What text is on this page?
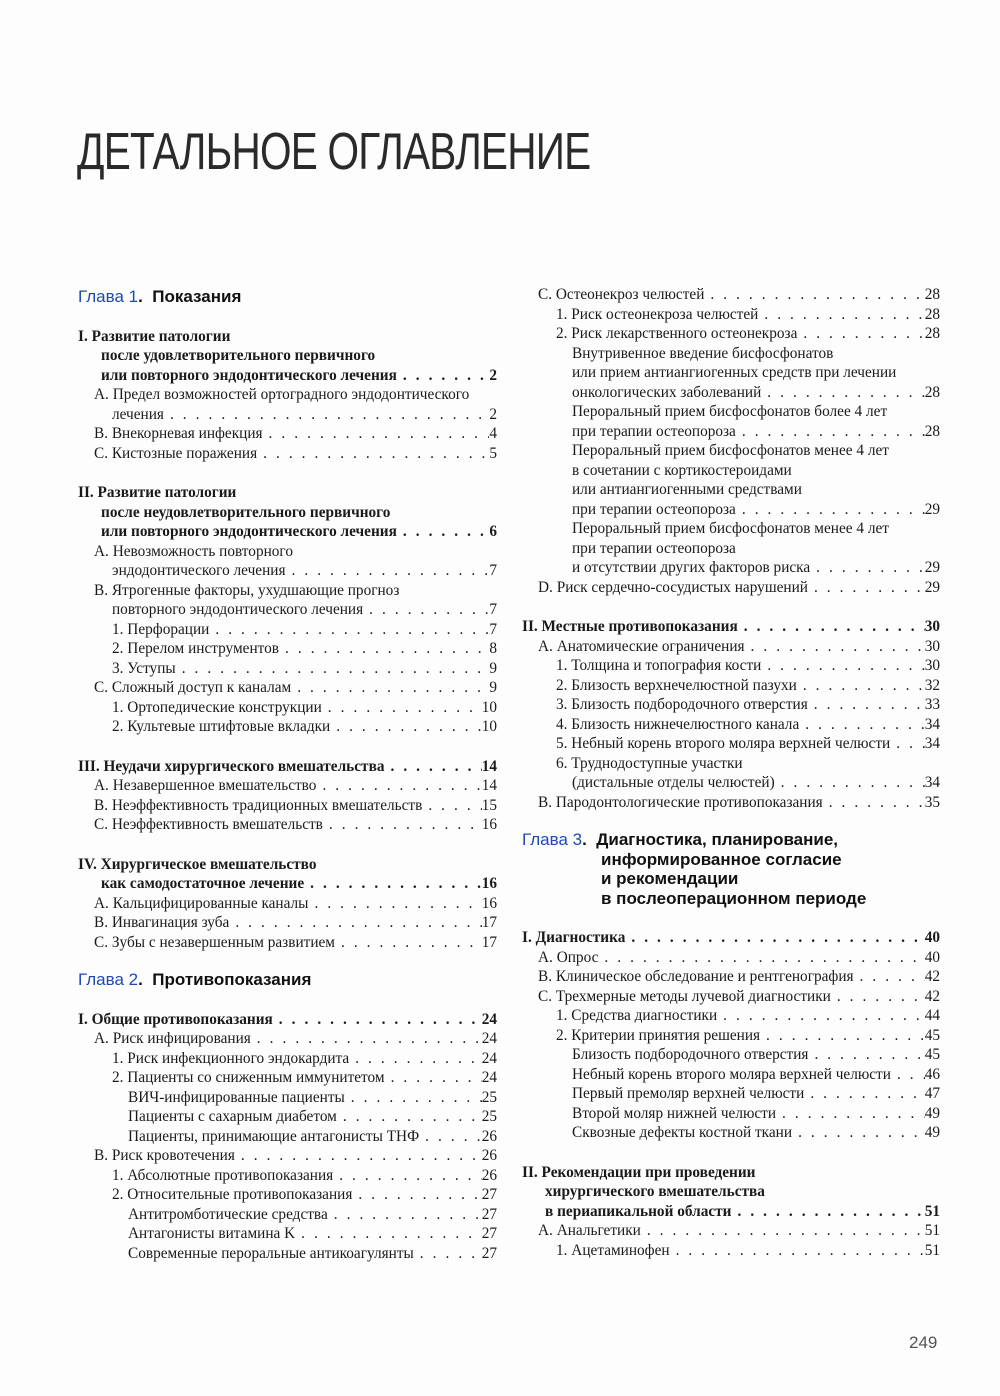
ДЕТАЛЬНОЕ ОГЛАВЛЕНИЕ
Глава 1.  Показания
I. Развитие патологии
после удовлетворительного первичного
или повторного эндодонтического лечения . . .	2
A. Предел возможностей ортоградного эндодонтического
лечения . . .	2
B. Внекорневая инфекция . . .	4
C. Кистозные поражения . . .	5
II. Развитие патологии
после неудовлетворительного первичного
или повторного эндодонтического лечения . . .	6
A. Невозможность повторного
эндодонтического лечения . . .	7
B. Ятрогенные факторы, ухудшающие прогноз
повторного эндодонтического лечения . . .	7
1. Перфорации . . .	7
2. Перелом инструментов . . .	8
3. Уступы . . .	9
C. Сложный доступ к каналам . . .	9
1. Ортопедические конструкции . . .	10
2. Культевые штифтовые вкладки . . .	10
III. Неудачи хирургического вмешательства . . .	14
A. Незавершенное вмешательство . . .	14
B. Неэффективность традиционных вмешательств . . .	15
C. Неэффективность вмешательств . . .	16
IV. Хирургическое вмешательство
как самодостаточное лечение . . .	16
A. Кальцифицированные каналы . . .	16
B. Инвагинация зуба . . .	17
C. Зубы с незавершенным развитием . . .	17
Глава 2.  Противопоказания
I. Общие противопоказания . . .	24
A. Риск инфицирования . . .	24
1. Риск инфекционного эндокардита . . .	24
2. Пациенты со сниженным иммунитетом . . .	24
ВИЧ-инфицированные пациенты . . .	25
Пациенты с сахарным диабетом . . .	25
Пациенты, принимающие антагонисты ТНФ . . .	26
B. Риск кровотечения . . .	26
1. Абсолютные противопоказания . . .	26
2. Относительные противопоказания . . .	27
Антитромботические средства . . .	27
Антагонисты витамина K . . .	27
Современные пероральные антикоагулянты . . .	27
C. Остеонекроз челюстей . . .	28
1. Риск остеонекроза челюстей . . .	28
2. Риск лекарственного остеонекроза . . .	28
Внутривенное введение бисфосфонатов
или прием антиангиогенных средств при лечении
онкологических заболеваний . . .	28
Пероральный прием бисфосфонатов более 4 лет
при терапии остеопороза . . .	28
Пероральный прием бисфосфонатов менее 4 лет
в сочетании с кортикостероидами
или антиангиогенными средствами
при терапии остеопороза . . .	29
Пероральный прием бисфосфонатов менее 4 лет
при терапии остеопороза
и отсутствии других факторов риска . . .	29
D. Риск сердечно-сосудистых нарушений . . .	29
II. Местные противопоказания . . .	30
A. Анатомические ограничения . . .	30
1. Толщина и топография кости . . .	30
2. Близость верхнечелюстной пазухи . . .	32
3. Близость подбородочного отверстия . . .	33
4. Близость нижнечелюстного канала . . .	34
5. Небный корень второго моляра верхней челюсти . . . 34
6. Труднодоступные участки
(дистальные отделы челюстей) . . .	34
B. Пародонтологические противопоказания . . .	35
Глава 3.  Диагностика, планирование,
информированное согласие
и рекомендации
в послеоперационном периоде
I. Диагностика . . .	40
A. Опрос . . .	40
B. Клиническое обследование и рентгенография . . .	42
C. Трехмерные методы лучевой диагностики . . .	42
1. Средства диагностики . . .	44
2. Критерии принятия решения . . .	45
Близость подбородочного отверстия . . .	45
Небный корень второго моляра верхней челюсти . . . 46
Первый премоляр верхней челюсти . . .	47
Второй моляр нижней челюсти . . .	49
Сквозные дефекты костной ткани . . .	49
II. Рекомендации при проведении
хирургического вмешательства
в периапикальной области . . .	51
A. Анальгетики . . .	51
1. Ацетаминофен . . .	51
249
